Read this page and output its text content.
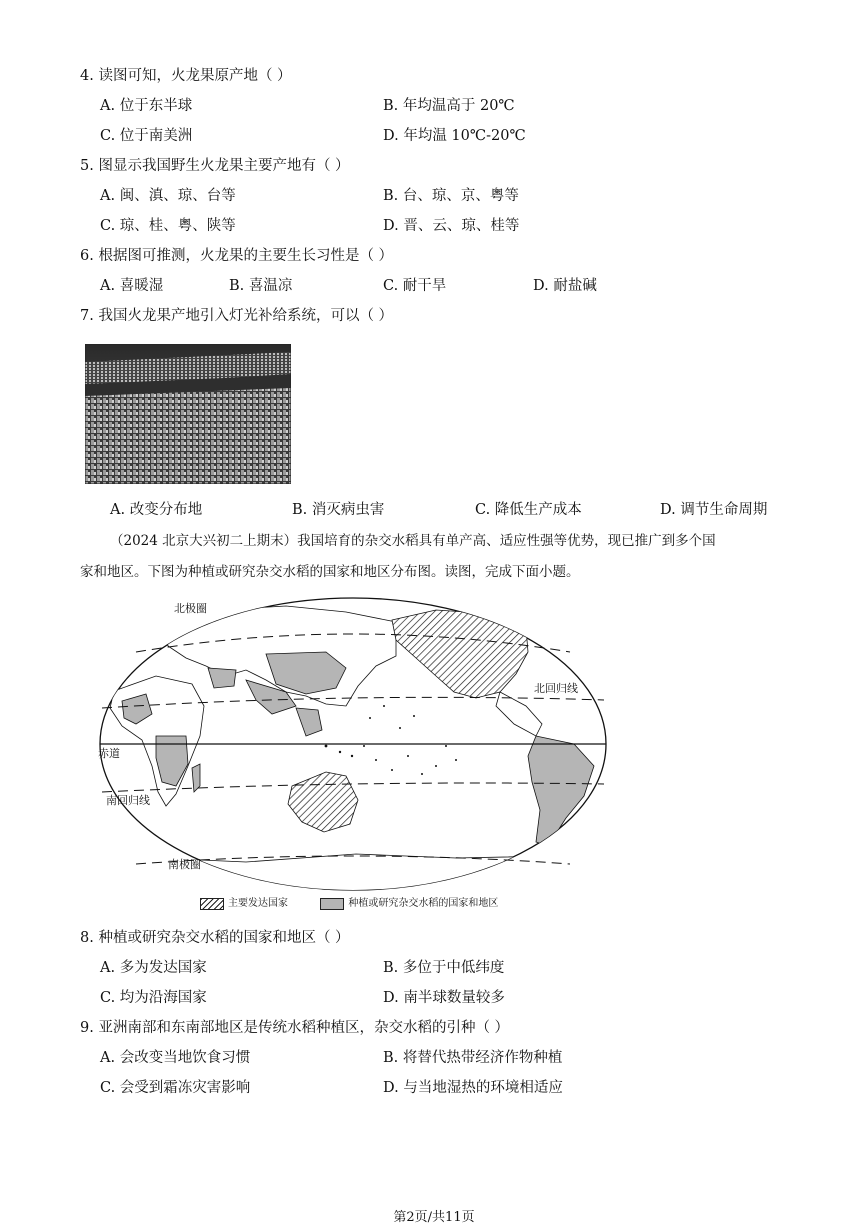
4. 读图可知，火龙果原产地（ ）
A. 位于东半球	B. 年均温高于 20℃
C. 位于南美洲	D. 年均温 10℃-20℃
5. 图显示我国野生火龙果主要产地有（ ）
A. 闽、滇、琼、台等	B. 台、琼、京、粤等
C. 琼、桂、粤、陕等	D. 晋、云、琼、桂等
6. 根据图可推测，火龙果的主要生长习性是（ ）
A. 喜暖湿	B. 喜温凉	C. 耐干旱	D. 耐盐碱
7. 我国火龙果产地引入灯光补给系统，可以（ ）
A. 改变分布地	B. 消灭病虫害	C. 降低生产成本	D. 调节生命周期
（2024 北京大兴初二上期末）我国培育的杂交水稻具有单产高、适应性强等优势，现已推广到多个国
家和地区。下图为种植或研究杂交水稻的国家和地区分布图。读图，完成下面小题。
北极圈
北回归线
赤道
南回归线
南极圈
主要发达国家	种植或研究杂交水稻的国家和地区
8. 种植或研究杂交水稻的国家和地区（ ）
A. 多为发达国家	B. 多位于中低纬度
C. 均为沿海国家	D. 南半球数量较多
9. 亚洲南部和东南部地区是传统水稻种植区，杂交水稻的引种（ ）
A. 会改变当地饮食习惯	B. 将替代热带经济作物种植
C. 会受到霜冻灾害影响	D. 与当地湿热的环境相适应
第2页/共11页
